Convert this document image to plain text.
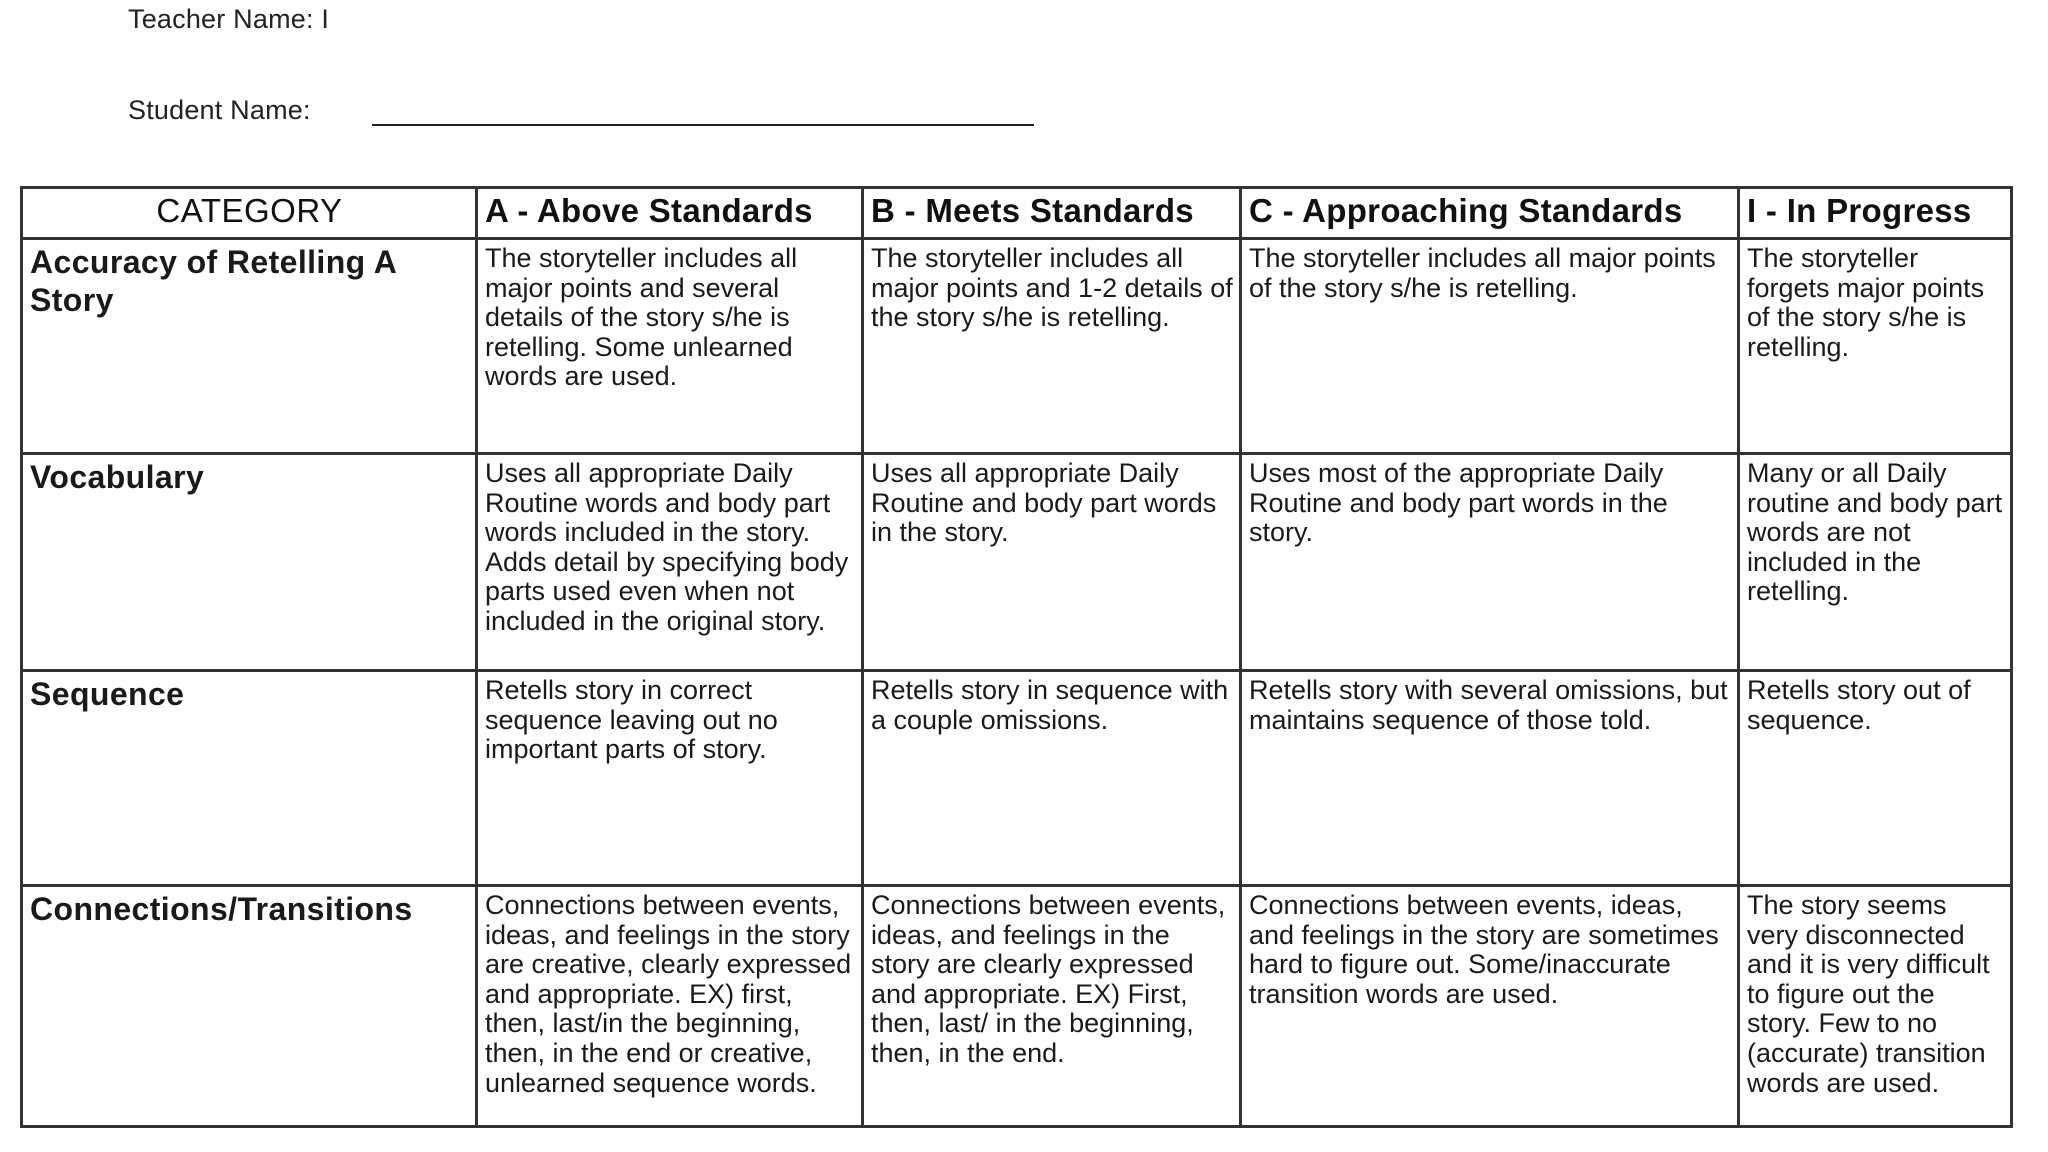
Teacher Name: I
Student Name:
CATEGORY	A - Above Standards	B - Meets Standards	C - Approaching Standards	I - In Progress
Accuracy of Retelling A Story	The storyteller includes all major points and several details of the story s/he is retelling. Some unlearned words are used.	The storyteller includes all major points and 1-2 details of the story s/he is retelling.	The storyteller includes all major points of the story s/he is retelling.	The storyteller forgets major points of the story s/he is retelling.
Vocabulary	Uses all appropriate Daily Routine words and body part words included in the story. Adds detail by specifying body parts used even when not included in the original story.	Uses all appropriate Daily Routine and body part words in the story.	Uses most of the appropriate Daily Routine and body part words in the story.	Many or all Daily routine and body part words are not included in the retelling.
Sequence	Retells story in correct sequence leaving out no important parts of story.	Retells story in sequence with a couple omissions.	Retells story with several omissions, but maintains sequence of those told.	Retells story out of sequence.
Connections/Transitions	Connections between events, ideas, and feelings in the story are creative, clearly expressed and appropriate. EX) first, then, last/in the beginning, then, in the end or creative, unlearned sequence words.	Connections between events, ideas, and feelings in the story are clearly expressed and appropriate. EX) First, then, last/ in the beginning, then, in the end.	Connections between events, ideas, and feelings in the story are sometimes hard to figure out. Some/inaccurate transition words are used.	The story seems very disconnected and it is very difficult to figure out the story. Few to no (accurate) transition words are used.
